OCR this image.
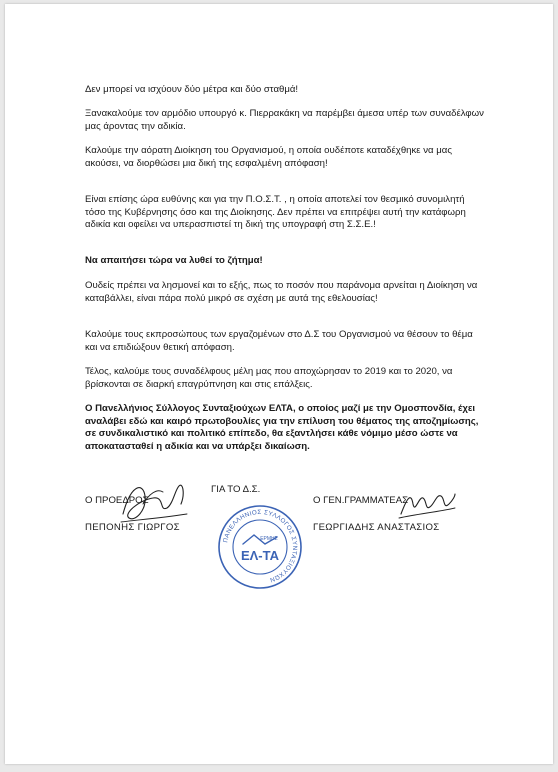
Δεν μπορεί να ισχύουν δύο μέτρα και δύο σταθμά!
Ξανακαλούμε τον αρμόδιο υπουργό κ. Πιερρακάκη να παρέμβει άμεσα υπέρ των συναδέλφων μας άροντας την αδικία.
Καλούμε την αόρατη Διοίκηση του Οργανισμού, η οποία ουδέποτε καταδέχθηκε να μας ακούσει, να διορθώσει μια δική της εσφαλμένη απόφαση!
Είναι επίσης ώρα ευθύνης και για την Π.Ο.Σ.Τ. , η οποία αποτελεί τον θεσμικό συνομιλητή τόσο της Κυβέρνησης όσο και της Διοίκησης. Δεν πρέπει να επιτρέψει αυτή την κατάφωρη αδικία και οφείλει να υπερασπιστεί τη δική της υπογραφή στη Σ.Σ.Ε.!
Να απαιτήσει τώρα να λυθεί το ζήτημα!
Ουδείς πρέπει να λησμονεί και το εξής, πως το ποσόν που παράνομα αρνείται η Διοίκηση να καταβάλλει, είναι πάρα πολύ μικρό σε σχέση με αυτά της εθελουσίας!
Καλούμε τους εκπροσώπους των εργαζομένων στο Δ.Σ του Οργανισμού να θέσουν το θέμα και να επιδιώξουν θετική απόφαση.
Τέλος, καλούμε τους συναδέλφους μέλη μας που αποχώρησαν το 2019 και το 2020, να βρίσκονται σε διαρκή επαγρύπνηση και στις επάλξεις.
Ο Πανελλήνιος Σύλλογος Συνταξιούχων ΕΛΤΑ, ο οποίος μαζί με την Ομοσπονδία, έχει αναλάβει εδώ και καιρό πρωτοβουλίες για την επίλυση του θέματος της αποζημίωσης, σε συνδικαλιστικό και πολιτικό επίπεδο, θα εξαντλήσει κάθε νόμιμο μέσο ώστε να αποκατασταθεί η αδικία και να υπάρξει δικαίωση.
Ο ΠΡΟΕΔΡΟΣ
ΓΙΑ ΤΟ Δ.Σ.
Ο ΓΕΝ.ΓΡΑΜΜΑΤΕΑΣ
ΠΕΠΟΝΗΣ ΓΙΩΡΓΟΣ	ΓΕΩΡΓΙΑΔΗΣ ΑΝΑΣΤΑΣΙΟΣ
ΠΑΝΕΛΛΗΝΙΟΣ ΣΥΛΛΟΓΟΣ ΣΥΝΤΑΞΙΟΥΧΩΝ
ΕΡΜΗΣ
ΕΛ-ΤΑ
